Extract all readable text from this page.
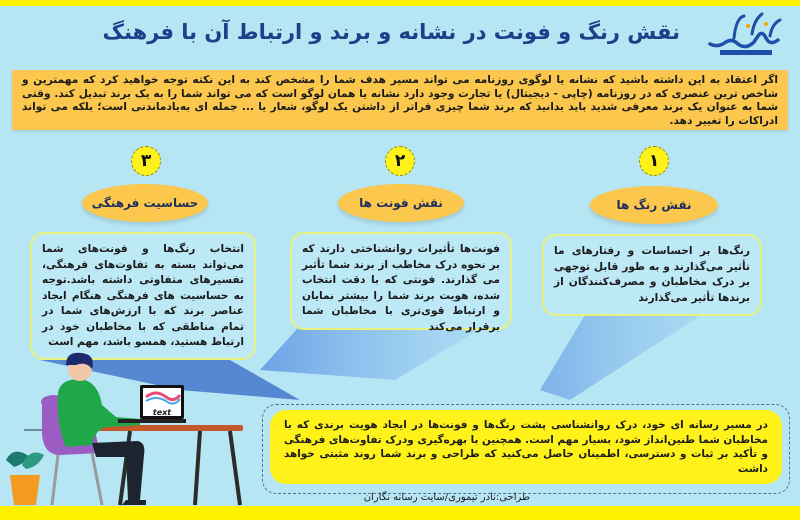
نقش رنگ و فونت در نشانه و برند و ارتباط آن با فرهنگ
اگر اعتقاد به این داشته باشید که نشانه یا لوگوی روزنامه می تواند مسیر هدف شما را مشخص کند به این نکته توجه خواهید کرد که مهمترین و شاخص ترین عنصری که در روزنامه (چاپی - دیجیتال) یا تجارت وجود دارد نشانه یا همان لوگو است که می تواند شما را به یک برند تبدیل کند. وقتی شما به عنوان یک برند معرفی شدید باید بدانید که برند شما چیزی فراتر از داشتن یک لوگو، شعار یا ... جمله ای به‌یادماندنی است؛ بلکه می تواند ادراکات را تغییر دهد.
۱
نقش رنگ ها
رنگ‌ها بر احساسات و رفتارهای ما تأثیر می‌گذارند و به طور قابل توجهی بر درک مخاطبان و مصرف‌کنندگان از برندها تأثیر می‌گذارند
۲
نقش فونت ها
فونت‌ها تأثیرات روانشناختی دارند که بر نحوه درک مخاطب از برند شما تأثیر می گذارند. فونتی که با دقت انتخاب شده، هویت برند شما را بیشتر نمایان و ارتباط قوی‌تری با مخاطبان شما برقرار می‌کند
۳
حساسیت فرهنگی
انتخاب رنگ‌ها و فونت‌های شما می‌تواند بسته به تفاوت‌های فرهنگی، تفسیرهای متفاوتی داشته باشد.توجه به حساسیت های فرهنگی هنگام ایجاد عناصر برند که با ارزش‌های شما در تمام مناطقی که با مخاطبان خود در ارتباط هستید، همسو باشد، مهم است
text
در مسیر رسانه ای خود، درک روانشناسی پشت رنگ‌ها و فونت‌ها در ایجاد هویت برندی که با مخاطبان شما طنین‌انداز شود، بسیار مهم است. همچنین با بهره‌گیری ودرک تفاوت‌های فرهنگی و تأکید بر ثبات و دسترسی، اطمینان حاصل می‌کنید که طراحی و برند شما روند مثبتی خواهد داشت
طراحی:نادر تیموری/سایت رسانه نگاران
